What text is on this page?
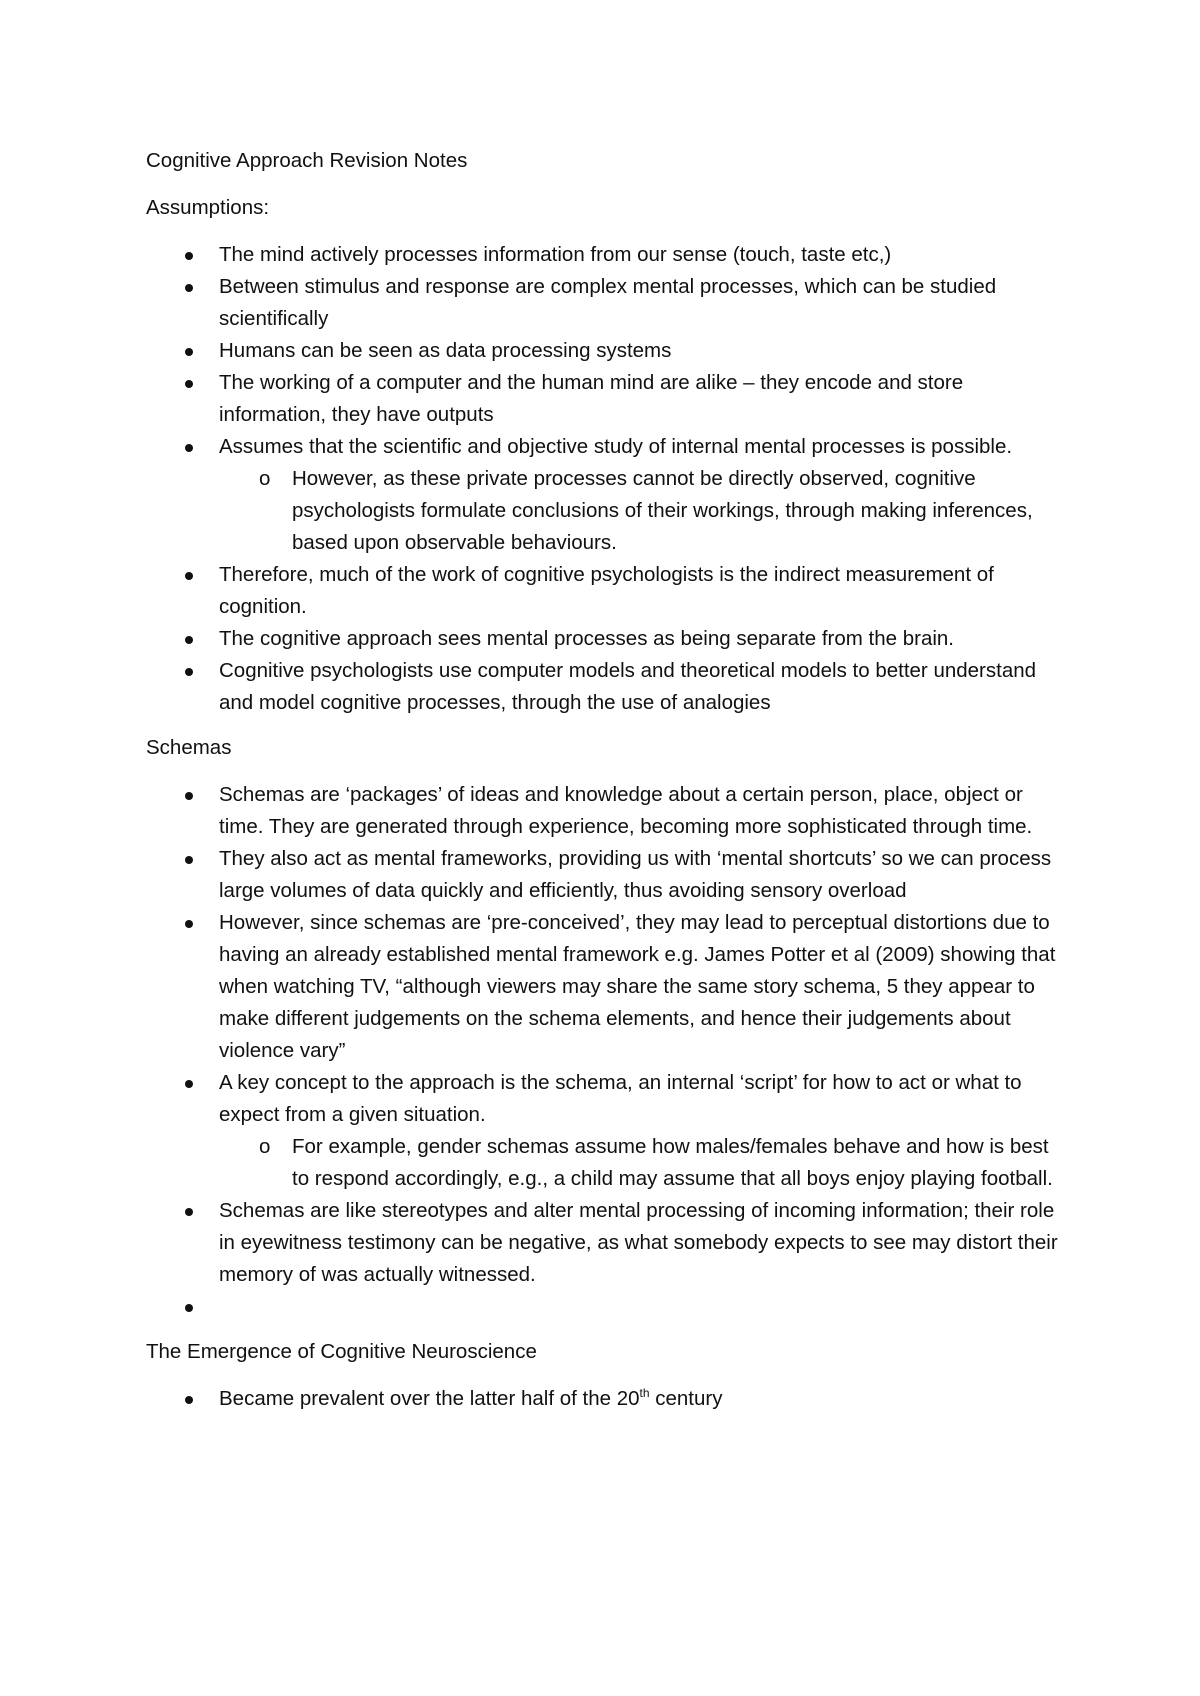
Cognitive Approach Revision Notes

Assumptions:

The mind actively processes information from our sense (touch, taste etc,)
Between stimulus and response are complex mental processes, which can be studied scientifically
Humans can be seen as data processing systems
The working of a computer and the human mind are alike – they encode and store information, they have outputs
Assumes that the scientific and objective study of internal mental processes is possible.
o However, as these private processes cannot be directly observed, cognitive psychologists formulate conclusions of their workings, through making inferences, based upon observable behaviours.
Therefore, much of the work of cognitive psychologists is the indirect measurement of cognition.
The cognitive approach sees mental processes as being separate from the brain.
Cognitive psychologists use computer models and theoretical models to better understand and model cognitive processes, through the use of analogies

Schemas

Schemas are ‘packages’ of ideas and knowledge about a certain person, place, object or time. They are generated through experience, becoming more sophisticated through time.
They also act as mental frameworks, providing us with ‘mental shortcuts’ so we can process large volumes of data quickly and efficiently, thus avoiding sensory overload
However, since schemas are ‘pre-conceived’, they may lead to perceptual distortions due to having an already established mental framework e.g. James Potter et al (2009) showing that when watching TV, “although viewers may share the same story schema, 5 they appear to make different judgements on the schema elements, and hence their judgements about violence vary”
A key concept to the approach is the schema, an internal ‘script’ for how to act or what to expect from a given situation.
o For example, gender schemas assume how males/females behave and how is best to respond accordingly, e.g., a child may assume that all boys enjoy playing football.
Schemas are like stereotypes and alter mental processing of incoming information; their role in eyewitness testimony can be negative, as what somebody expects to see may distort their memory of was actually witnessed.

The Emergence of Cognitive Neuroscience

Became prevalent over the latter half of the 20th century
